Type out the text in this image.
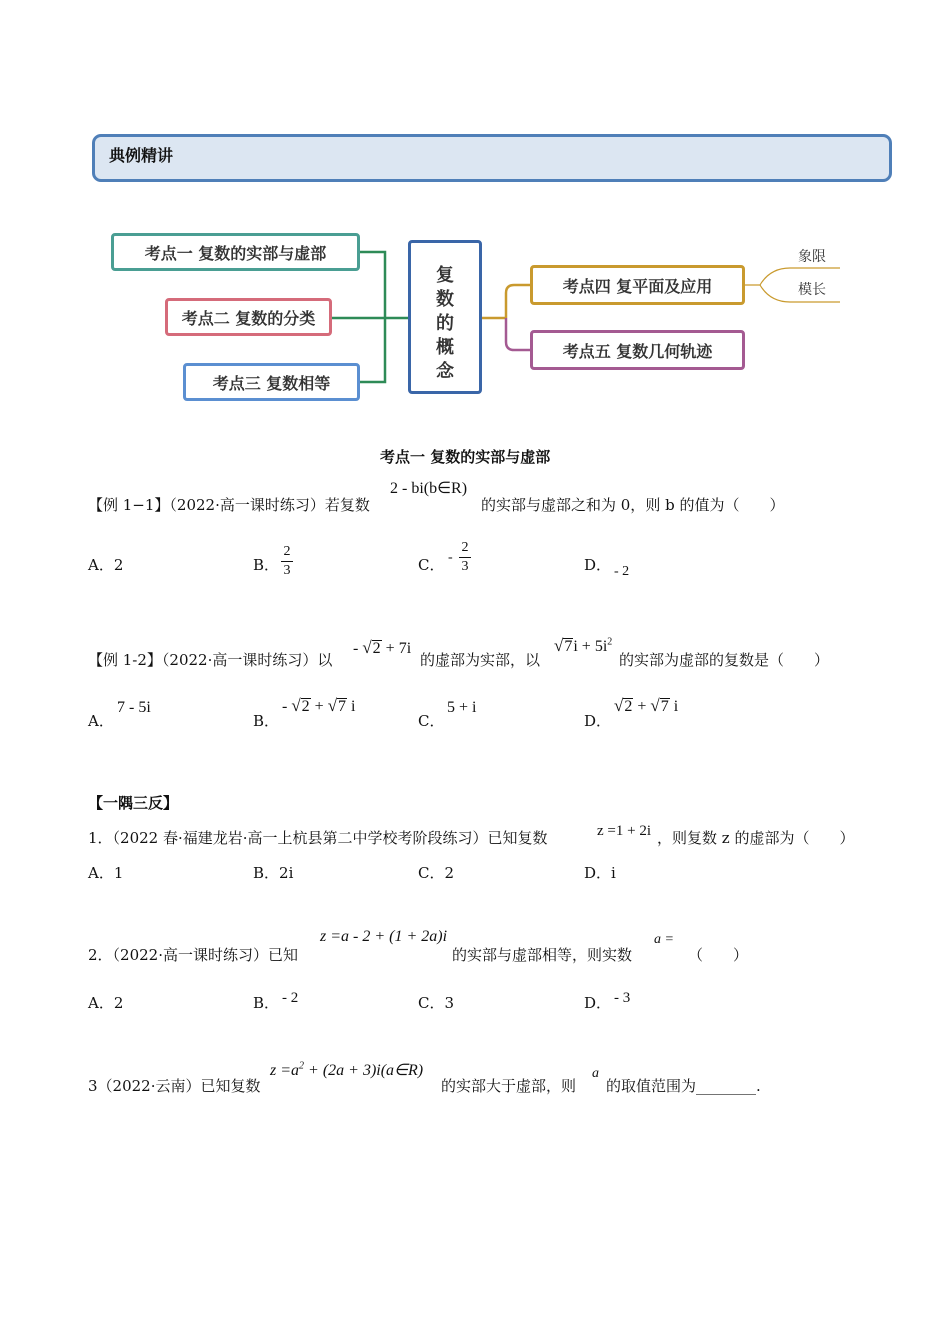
典例精讲
考点一 复数的实部与虚部
考点二 复数的分类
考点三 复数相等
复
数
的
概
念
考点四 复平面及应用
考点五 复数几何轨迹
象限
模长
考点一 复数的实部与虚部
【例 1−1】（2022·高一课时练习）若复数
2 - bi(b∈R)
的实部与虚部之和为 0，则 b 的值为（　　）
A．2	B．
2
3	C． -
2
3	D． - 2
【例 1-2】（2022·高一课时练习）以
- √2 + 7i
的虚部为实部，以
$√7i + 5i^2$
的实部为虚部的复数是（　　）
A．
7 - 5i
B．
- √2 + √7 i
C．
5 + i
D．
√2 + √7 i
【一隅三反】
1．（2022 春·福建龙岩·高一上杭县第二中学校考阶段练习）已知复数	z =1 + 2i ，则复数 z 的虚部为（　　）
A．1	B．2i	C．2	D．i
2．（2022·高一课时练习）已知
z =a - 2 + (1 + 2a)i
的实部与虚部相等，则实数
a =
（　　）
A．2	B． - 2	C．3	D． - 3
3（2022·云南）已知复数
$z =a^2 + (2a$ + 3)i(a∈R)
的实部大于虚部，则
a
的取值范围为________.
